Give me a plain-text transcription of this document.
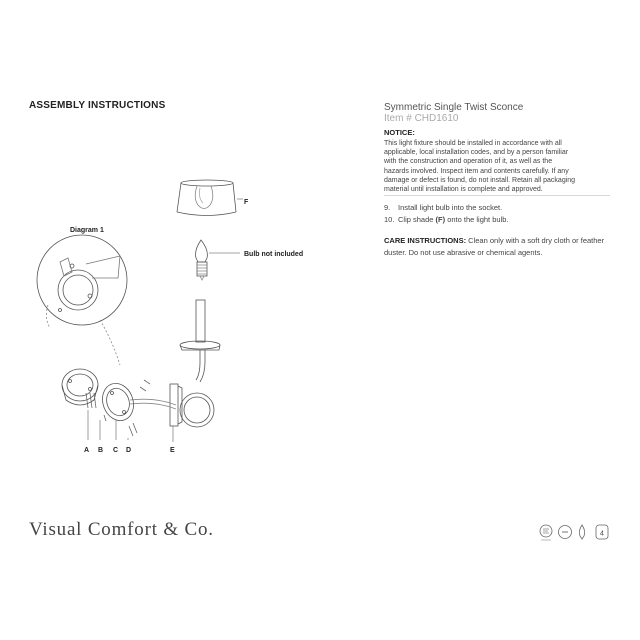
ASSEMBLY INSTRUCTIONS	Symmetric Single Twist Sconce
Item # CHD1610
NOTICE:
This light fixture should be installed in accordance with all
applicable, local installation codes, and by a person familiar
with the construction and operation of it, as well as the
hazards involved. Inspect item and contents carefully. If any
damage or defect is found, do not install. Retain all packaging
material until installation is complete and approved.
9. Install light bulb into the socket.
10. Clip shade (F) onto the light bulb.
CARE INSTRUCTIONS: Clean only with a soft dry cloth or feather duster. Do not use abrasive or chemical agents.
Diagram 1
F
Bulb not included
A B C D	E
Visual Comfort & Co.	4
